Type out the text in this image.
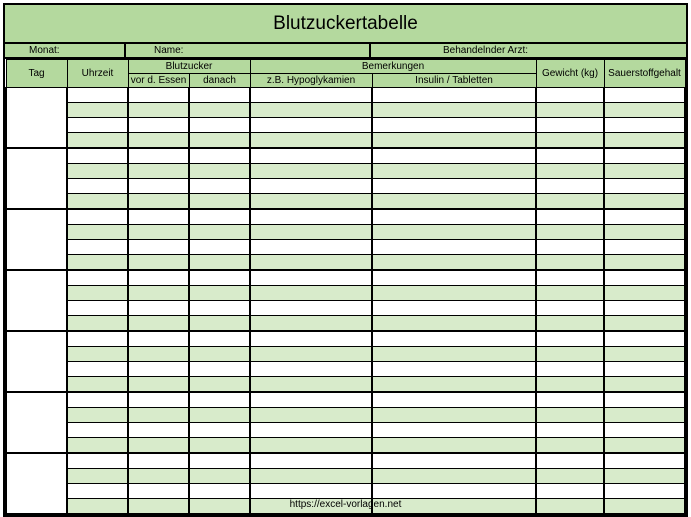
Blutzuckertabelle
Monat:	Name:	Behandelnder Arzt:
Tag	Uhrzeit	Blutzucker		Bemerkungen		Gewicht (kg)	Sauerstoffgehalt
		vor d. Essen	danach	z.B. Hypoglykamien	Insulin / Tabletten		

https://excel-vorlagen.net
